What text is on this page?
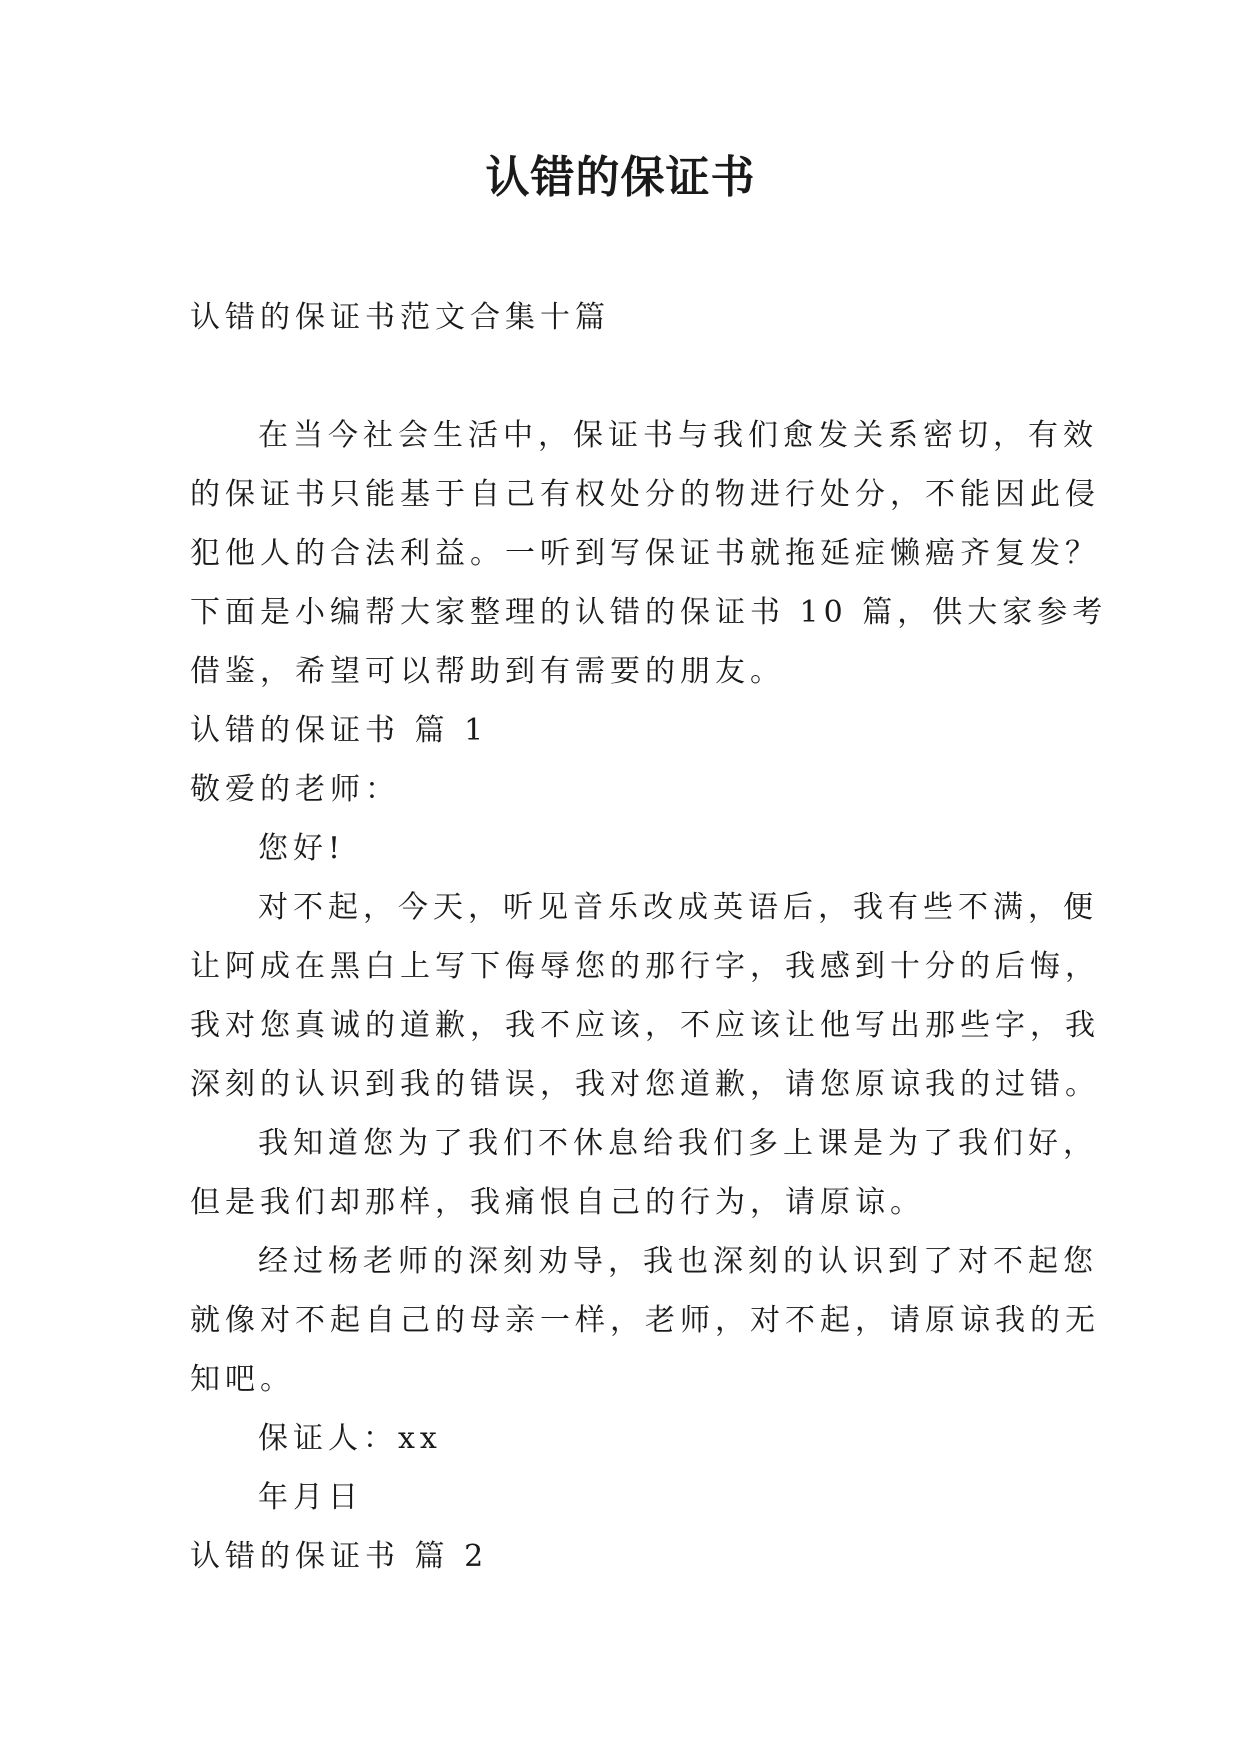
认错的保证书
认错的保证书范文合集十篇
在当今社会生活中，保证书与我们愈发关系密切，有效
的保证书只能基于自己有权处分的物进行处分，不能因此侵
犯他人的合法利益。一听到写保证书就拖延症懒癌齐复发？
下面是小编帮大家整理的认错的保证书 10 篇，供大家参考
借鉴，希望可以帮助到有需要的朋友。
认错的保证书 篇 1
敬爱的老师：
您好!
对不起，今天，听见音乐改成英语后，我有些不满，便
让阿成在黑白上写下侮辱您的那行字，我感到十分的后悔，
我对您真诚的道歉，我不应该，不应该让他写出那些字，我
深刻的认识到我的错误，我对您道歉，请您原谅我的过错。
我知道您为了我们不休息给我们多上课是为了我们好，
但是我们却那样，我痛恨自己的行为，请原谅。
经过杨老师的深刻劝导，我也深刻的认识到了对不起您
就像对不起自己的母亲一样，老师，对不起，请原谅我的无
知吧。
保证人：xx
年月日
认错的保证书 篇 2
